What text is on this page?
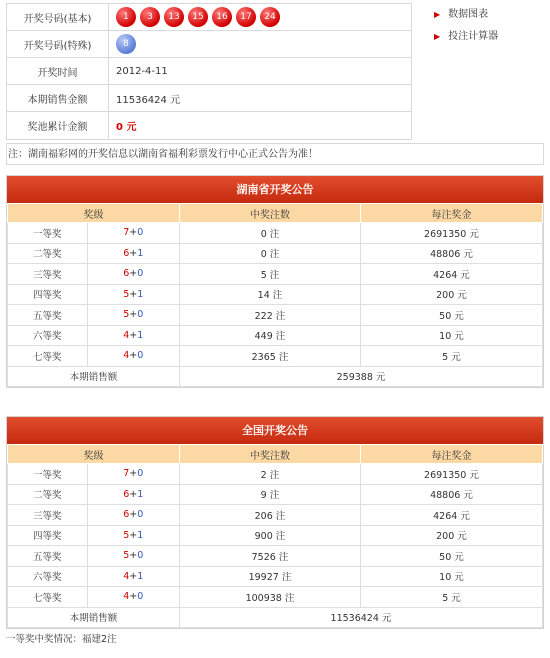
开奖号码(基本)	1	3	13	15	16	17	24
开奖号码(特殊)	8
开奖时间	2012-4-11
本期销售金额	11536424 元
奖池累计金额	0 元
▶ 数据图表
▶ 投注计算器
注：湖南福彩网的开奖信息以湖南省福利彩票发行中心正式公告为准！
湖南省开奖公告
奖级		中奖注数	每注奖金
一等奖	7+0	0 注	2691350 元
二等奖	6+1	0 注	48806 元
三等奖	6+0	5 注	4264 元
四等奖	5+1	14 注	200 元
五等奖	5+0	222 注	50 元
六等奖	4+1	449 注	10 元
七等奖	4+0	2365 注	5 元
本期销售额		259388 元	
全国开奖公告
奖级		中奖注数	每注奖金
一等奖	7+0	2 注	2691350 元
二等奖	6+1	9 注	48806 元
三等奖	6+0	206 注	4264 元
四等奖	5+1	900 注	200 元
五等奖	5+0	7526 注	50 元
六等奖	4+1	19927 注	10 元
七等奖	4+0	100938 注	5 元
本期销售额		11536424 元	
一等奖中奖情况：福建2注
